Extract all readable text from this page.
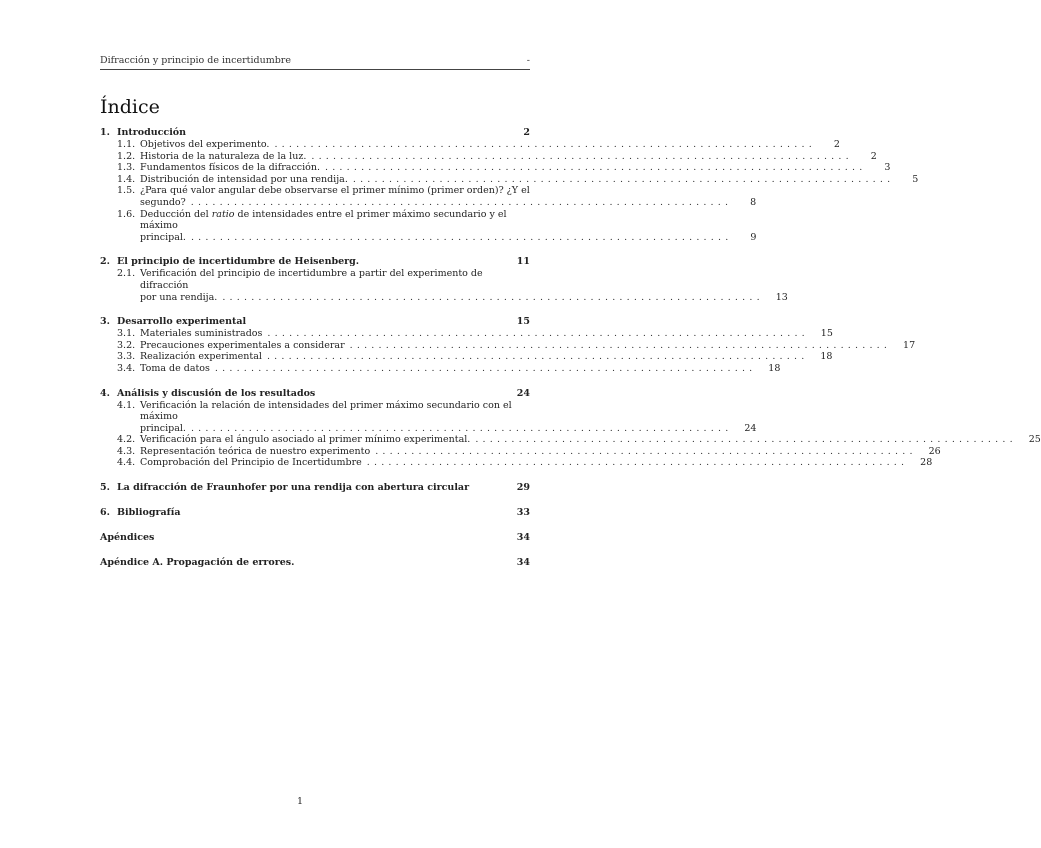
Difracción y principio de incertidumbre	-
Índice
1. Introducción	2
1.1. Objetivos del experimento. ...........................................................................	2
1.2. Historia de la naturaleza de la luz. ...........................................................................	2
1.3. Fundamentos físicos de la difracción. ...........................................................................	3
1.4. Distribución de intensidad por una rendija. ...........................................................................	5
1.5. ¿Para qué valor angular debe observarse el primer mínimo (primer orden)? ¿Y el
segundo? ...........................................................................	8
1.6. Deducción del ratio de intensidades entre el primer máximo secundario y el máximo
principal. ...........................................................................	9
2. El principio de incertidumbre de Heisenberg.	11
2.1. Verificación del principio de incertidumbre a partir del experimento de difracción
por una rendija. ...........................................................................	13
3. Desarrollo experimental	15
3.1. Materiales suministrados ...........................................................................	15
3.2. Precauciones experimentales a considerar ...........................................................................	17
3.3. Realización experimental ...........................................................................	18
3.4. Toma de datos ...........................................................................	18
4. Análisis y discusión de los resultados	24
4.1. Verificación la relación de intensidades del primer máximo secundario con el máximo
principal. ...........................................................................	24
4.2. Verificación para el ángulo asociado al primer mínimo experimental. ...........................................................................	25
4.3. Representación teórica de nuestro experimento ...........................................................................	26
4.4. Comprobación del Principio de Incertidumbre ...........................................................................	28
5. La difracción de Fraunhofer por una rendija con abertura circular	29
6. Bibliografía	33
Apéndices	34
Apéndice A. Propagación de errores.	34
1
